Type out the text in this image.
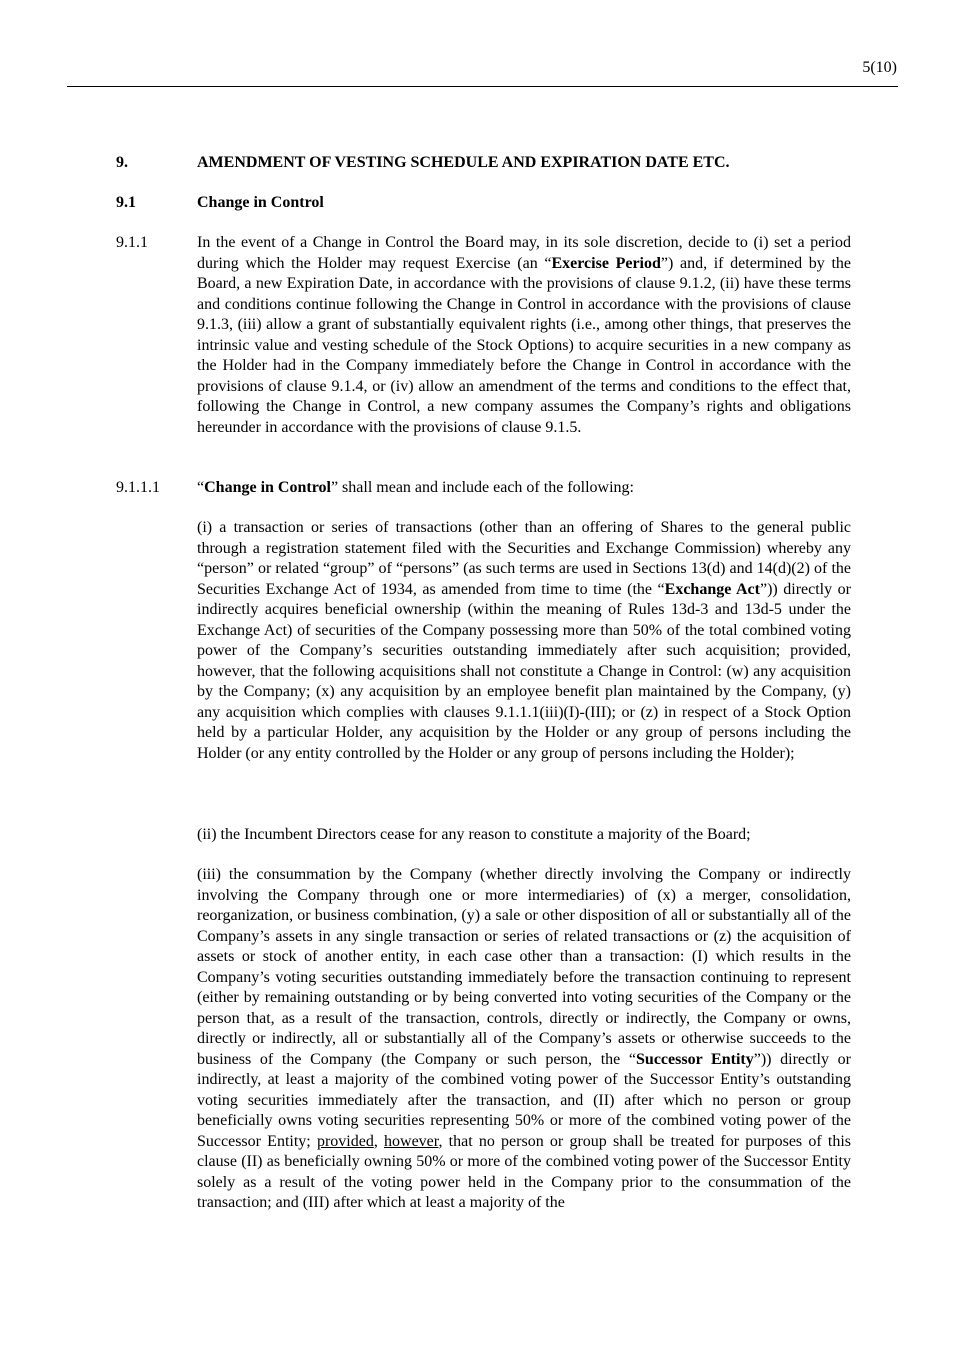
5(10)
9.	AMENDMENT OF VESTING SCHEDULE AND EXPIRATION DATE ETC.
9.1	Change in Control
9.1.1	In the event of a Change in Control the Board may, in its sole discretion, decide to (i) set a period during which the Holder may request Exercise (an “Exercise Period”) and, if determined by the Board, a new Expiration Date, in accordance with the provisions of clause 9.1.2, (ii) have these terms and conditions continue following the Change in Control in accordance with the provisions of clause 9.1.3, (iii) allow a grant of substantially equivalent rights (i.e., among other things, that preserves the intrinsic value and vesting schedule of the Stock Options) to acquire securities in a new company as the Holder had in the Company immediately before the Change in Control in accordance with the provisions of clause 9.1.4, or (iv) allow an amendment of the terms and conditions to the effect that, following the Change in Control, a new company assumes the Company’s rights and obligations hereunder in accordance with the provisions of clause 9.1.5.
9.1.1.1 “Change in Control” shall mean and include each of the following:
(i) a transaction or series of transactions (other than an offering of Shares to the general public through a registration statement filed with the Securities and Exchange Commission) whereby any “person” or related “group” of “persons” (as such terms are used in Sections 13(d) and 14(d)(2) of the Securities Exchange Act of 1934, as amended from time to time (the “Exchange Act”)) directly or indirectly acquires beneficial ownership (within the meaning of Rules 13d-3 and 13d-5 under the Exchange Act) of securities of the Company possessing more than 50% of the total combined voting power of the Company’s securities outstanding immediately after such acquisition; provided, however, that the following acquisitions shall not constitute a Change in Control: (w) any acquisition by the Company; (x) any acquisition by an employee benefit plan maintained by the Company, (y) any acquisition which complies with clauses 9.1.1.1(iii)(I)-(III); or (z) in respect of a Stock Option held by a particular Holder, any acquisition by the Holder or any group of persons including the Holder (or any entity controlled by the Holder or any group of persons including the Holder);
(ii) the Incumbent Directors cease for any reason to constitute a majority of the Board;
(iii) the consummation by the Company (whether directly involving the Company or indirectly involving the Company through one or more intermediaries) of (x) a merger, consolidation, reorganization, or business combination, (y) a sale or other disposition of all or substantially all of the Company’s assets in any single transaction or series of related transactions or (z) the acquisition of assets or stock of another entity, in each case other than a transaction: (I) which results in the Company’s voting securities outstanding immediately before the transaction continuing to represent (either by remaining outstanding or by being converted into voting securities of the Company or the person that, as a result of the transaction, controls, directly or indirectly, the Company or owns, directly or indirectly, all or substantially all of the Company’s assets or otherwise succeeds to the business of the Company (the Company or such person, the “Successor Entity”)) directly or indirectly, at least a majority of the combined voting power of the Successor Entity’s outstanding voting securities immediately after the transaction, and (II) after which no person or group beneficially owns voting securities representing 50% or more of the combined voting power of the Successor Entity; provided, however, that no person or group shall be treated for purposes of this clause (II) as beneficially owning 50% or more of the combined voting power of the Successor Entity solely as a result of the voting power held in the Company prior to the consummation of the transaction; and (III) after which at least a majority of the
